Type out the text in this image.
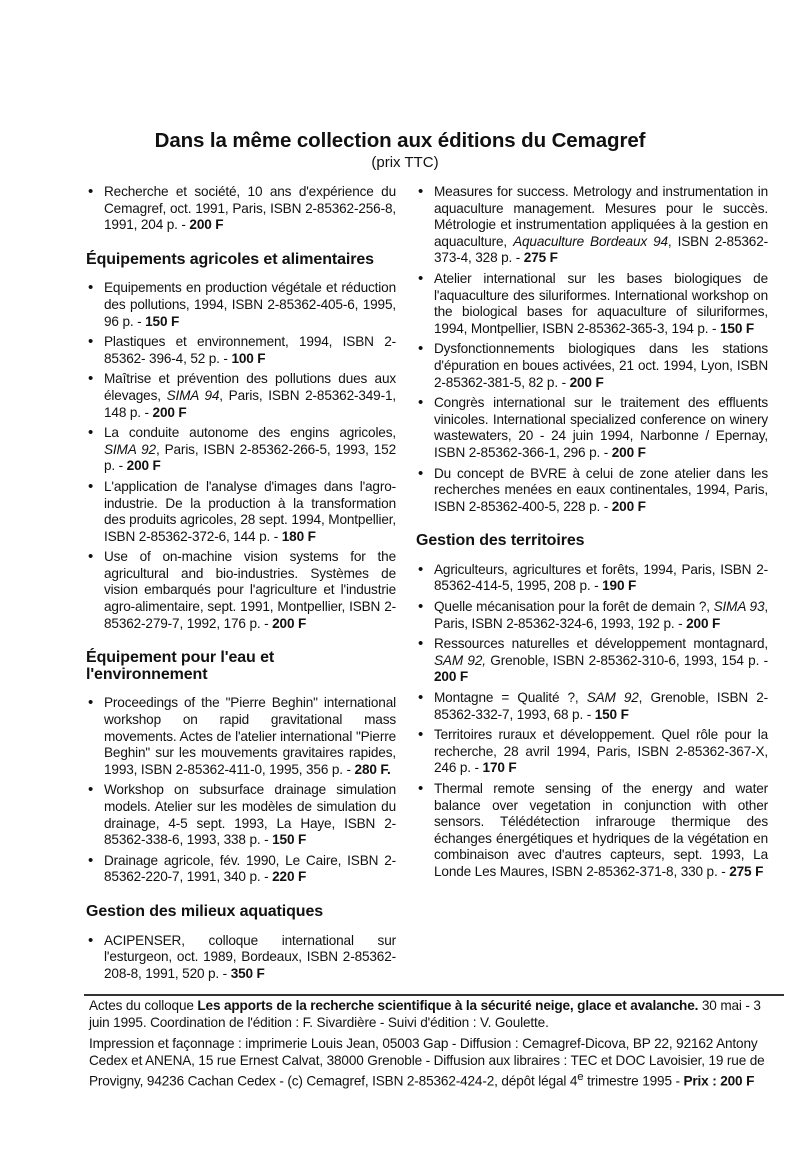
Dans la même collection aux éditions du Cemagref
(prix TTC)
• Recherche et société, 10 ans d'expérience du Cemagref, oct. 1991, Paris, ISBN 2-85362-256-8, 1991, 204 p. - 200 F
Équipements agricoles et alimentaires
• Equipements en production végétale et réduction des pollutions, 1994, ISBN 2-85362-405-6, 1995, 96 p. - 150 F
• Plastiques et environnement, 1994, ISBN 2-85362- 396-4, 52 p. - 100 F
• Maîtrise et prévention des pollutions dues aux élevages, SIMA 94, Paris, ISBN 2-85362-349-1, 148 p. - 200 F
• La conduite autonome des engins agricoles, SIMA 92, Paris, ISBN 2-85362-266-5, 1993, 152 p. - 200 F
• L'application de l'analyse d'images dans l'agro-industrie. De la production à la transformation des produits agricoles, 28 sept. 1994, Montpellier, ISBN 2-85362-372-6, 144 p. - 180 F
• Use of on-machine vision systems for the agricultural and bio-industries. Systèmes de vision embarqués pour l'agriculture et l'industrie agro-alimentaire, sept. 1991, Montpellier, ISBN 2-85362-279-7, 1992, 176 p. - 200 F
Équipement pour l'eau et l'environnement
• Proceedings of the "Pierre Beghin" international workshop on rapid gravitational mass movements. Actes de l'atelier international "Pierre Beghin" sur les mouvements gravitaires rapides, 1993, ISBN 2-85362-411-0, 1995, 356 p. - 280 F.
• Workshop on subsurface drainage simulation models. Atelier sur les modèles de simulation du drainage, 4-5 sept. 1993, La Haye, ISBN 2-85362-338-6, 1993, 338 p. - 150 F
• Drainage agricole, fév. 1990, Le Caire, ISBN 2-85362-220-7, 1991, 340 p. - 220 F
Gestion des milieux aquatiques
• ACIPENSER, colloque international sur l'esturgeon, oct. 1989, Bordeaux, ISBN 2-85362-208-8, 1991, 520 p. - 350 F
• Measures for success. Metrology and instrumentation in aquaculture management. Mesures pour le succès. Métrologie et instrumentation appliquées à la gestion en aquaculture, Aquaculture Bordeaux 94, ISBN 2-85362-373-4, 328 p. - 275 F
• Atelier international sur les bases biologiques de l'aquaculture des siluriformes. International workshop on the biological bases for aquaculture of siluriformes, 1994, Montpellier, ISBN 2-85362-365-3, 194 p. - 150 F
• Dysfonctionnements biologiques dans les stations d'épuration en boues activées, 21 oct. 1994, Lyon, ISBN 2-85362-381-5, 82 p. - 200 F
• Congrès international sur le traitement des effluents vinicoles. International specialized conference on winery wastewaters, 20 - 24 juin 1994, Narbonne / Epernay, ISBN 2-85362-366-1, 296 p. - 200 F
• Du concept de BVRE à celui de zone atelier dans les recherches menées en eaux continentales, 1994, Paris, ISBN 2-85362-400-5, 228 p. - 200 F
Gestion des territoires
• Agriculteurs, agricultures et forêts, 1994, Paris, ISBN 2-85362-414-5, 1995, 208 p. - 190 F
• Quelle mécanisation pour la forêt de demain ?, SIMA 93, Paris, ISBN 2-85362-324-6, 1993, 192 p. - 200 F
• Ressources naturelles et développement montagnard, SAM 92, Grenoble, ISBN 2-85362-310-6, 1993, 154 p. - 200 F
• Montagne = Qualité ?, SAM 92, Grenoble, ISBN 2-85362-332-7, 1993, 68 p. - 150 F
• Territoires ruraux et développement. Quel rôle pour la recherche, 28 avril 1994, Paris, ISBN 2-85362-367-X, 246 p. - 170 F
• Thermal remote sensing of the energy and water balance over vegetation in conjunction with other sensors. Télédétection infrarouge thermique des échanges énergétiques et hydriques de la végétation en combinaison avec d'autres capteurs, sept. 1993, La Londe Les Maures, ISBN 2-85362-371-8, 330 p. - 275 F

Actes du colloque Les apports de la recherche scientifique à la sécurité neige, glace et avalanche. 30 mai - 3 juin 1995. Coordination de l'édition : F. Sivardière - Suivi d'édition : V. Goulette.

Impression et façonnage : imprimerie Louis Jean, 05003 Gap - Diffusion : Cemagref-Dicova, BP 22, 92162 Antony Cedex et ANENA, 15 rue Ernest Calvat, 38000 Grenoble - Diffusion aux libraires : TEC et DOC Lavoisier, 19 rue de Provigny, 94236 Cachan Cedex - (c) Cemagref, ISBN 2-85362-424-2, dépôt légal 4e trimestre 1995 - Prix : 200 F
